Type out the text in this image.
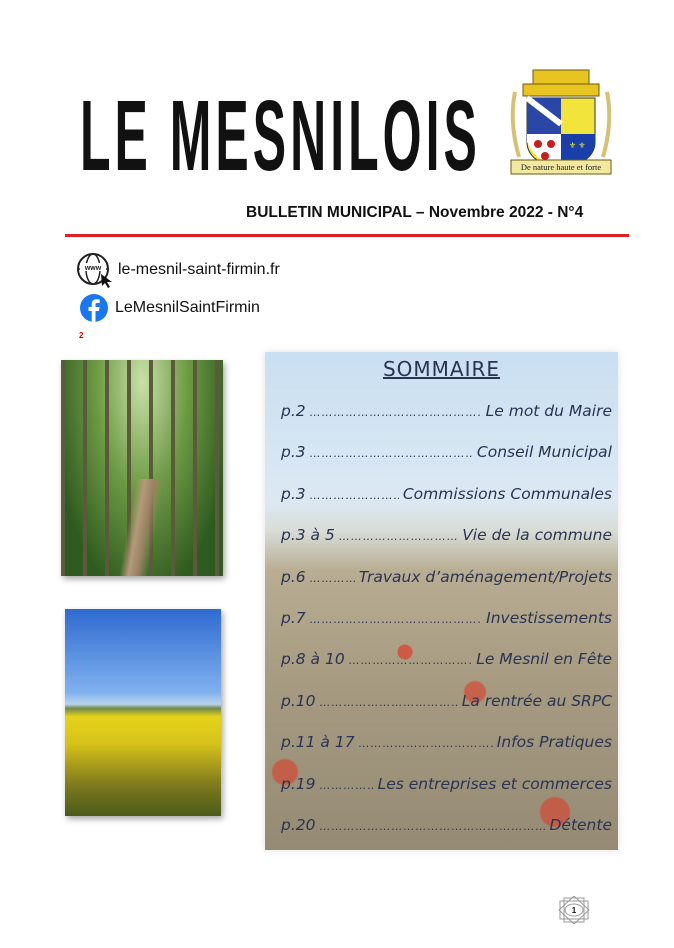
LE MESNILOIS	⚜ ⚜
De nature haute et forte
BULLETIN MUNICIPAL – Novembre 2022 - N°4
www le-mesnil-saint-firmin.fr
LeMesnilSaintFirmin
2
SOMMAIRE
p.2 ……………………………………………………………………………	Le mot du Maire
p.3 ……………………………………………………………………………	Conseil Municipal
p.3 ……………………………………………………………………………	Commissions Communales
p.3 à 5 ……………………………………………………………………………	Vie de la commune
p.6 ……………………………………………………………………………	Travaux d’aménagement/Projets
p.7 ……………………………………………………………………………	Investissements
p.8 à 10 ……………………………………………………………………………	Le Mesnil en Fête
p.10 ……………………………………………………………………………	La rentrée au SRPC
p.11 à 17 ……………………………………………………………………………	Infos Pratiques
p.19 ……………………………………………………………………………	Les entreprises et commerces
p.20 ……………………………………………………………………………	Détente
1
